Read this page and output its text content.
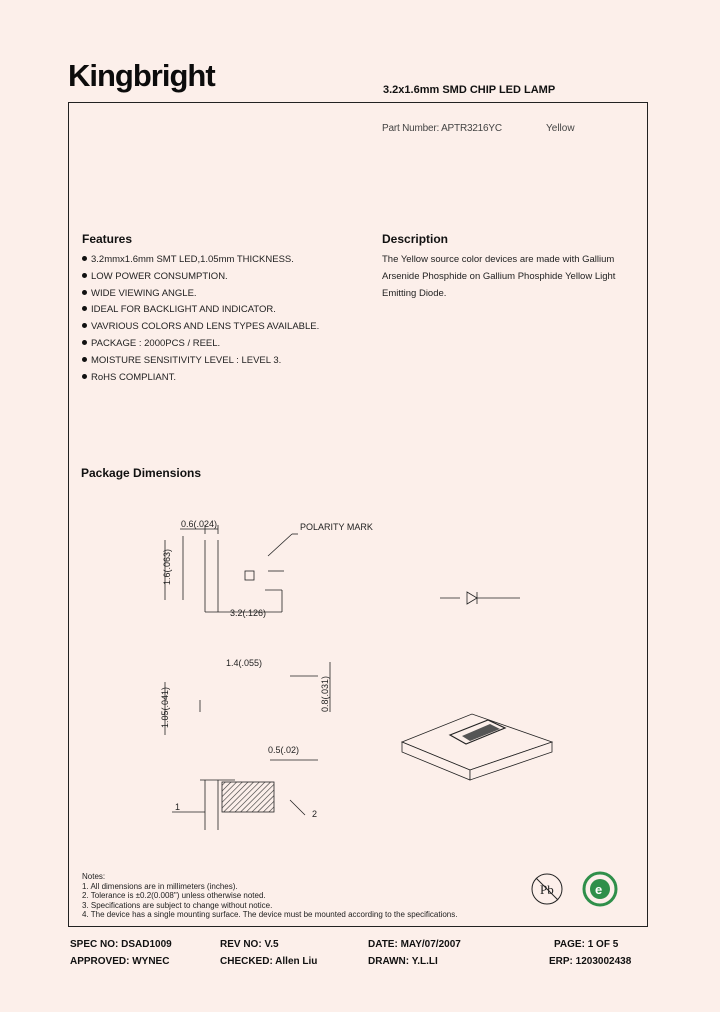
Kingbright	3.2x1.6mm SMD CHIP LED LAMP
Part Number: APTR3216YC	Yellow
Features
3.2mmx1.6mm SMT LED,1.05mm THICKNESS.
LOW POWER CONSUMPTION.
WIDE VIEWING ANGLE.
IDEAL FOR BACKLIGHT AND INDICATOR.
VAVRIOUS COLORS AND LENS TYPES AVAILABLE.
PACKAGE : 2000PCS / REEL.
MOISTURE SENSITIVITY LEVEL : LEVEL 3.
RoHS COMPLIANT.
Description
The Yellow source color devices are made with Gallium Arsenide Phosphide on Gallium Phosphide Yellow Light Emitting Diode.
Package Dimensions
0.6(.024)	POLARITY MARK
1.6(.063)
3.2(.126)
1.4(.055)
1.05(.041)	0.8(.031)
0.5(.02)
1
2
Pb	e
Notes:
1. All dimensions are in millimeters (inches).
2. Tolerance is ±0.2(0.008") unless otherwise noted.
3. Specifications are subject to change without notice.
4. The device has a single mounting surface. The device must be mounted according to the specifications.
SPEC NO: DSAD1009	REV NO: V.5	DATE: MAY/07/2007	PAGE: 1 OF 5
APPROVED: WYNEC	CHECKED: Allen Liu	DRAWN: Y.L.LI	ERP: 1203002438
